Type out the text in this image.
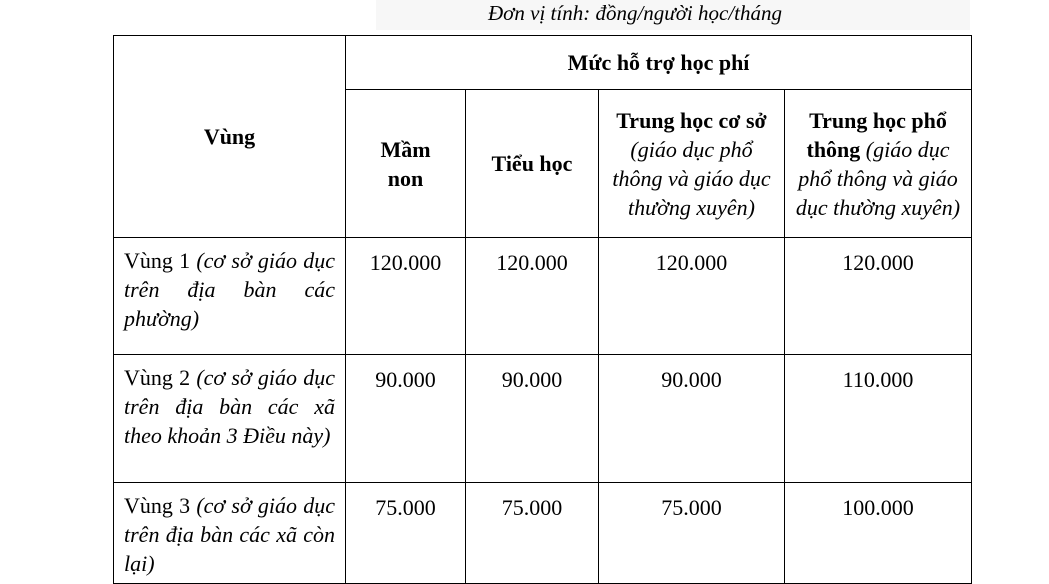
Đơn vị tính: đồng/người học/tháng
Vùng	Mức hỗ trợ học phí			

	Mầm non	Tiểu học	Trung học cơ sở (giáo dục phổ thông và giáo dục thường xuyên)	Trung học phổ thông (giáo dục phổ thông và giáo dục thường xuyên)

Vùng 1 (cơ sở giáo dục trên địa bàn các phường)	120.000	120.000	120.000	120.000
Vùng 2 (cơ sở giáo dục trên địa bàn các xã theo khoản 3 Điều này)	90.000	90.000	90.000	110.000
Vùng 3 (cơ sở giáo dục trên địa bàn các xã còn lại)	75.000	75.000	75.000	100.000
